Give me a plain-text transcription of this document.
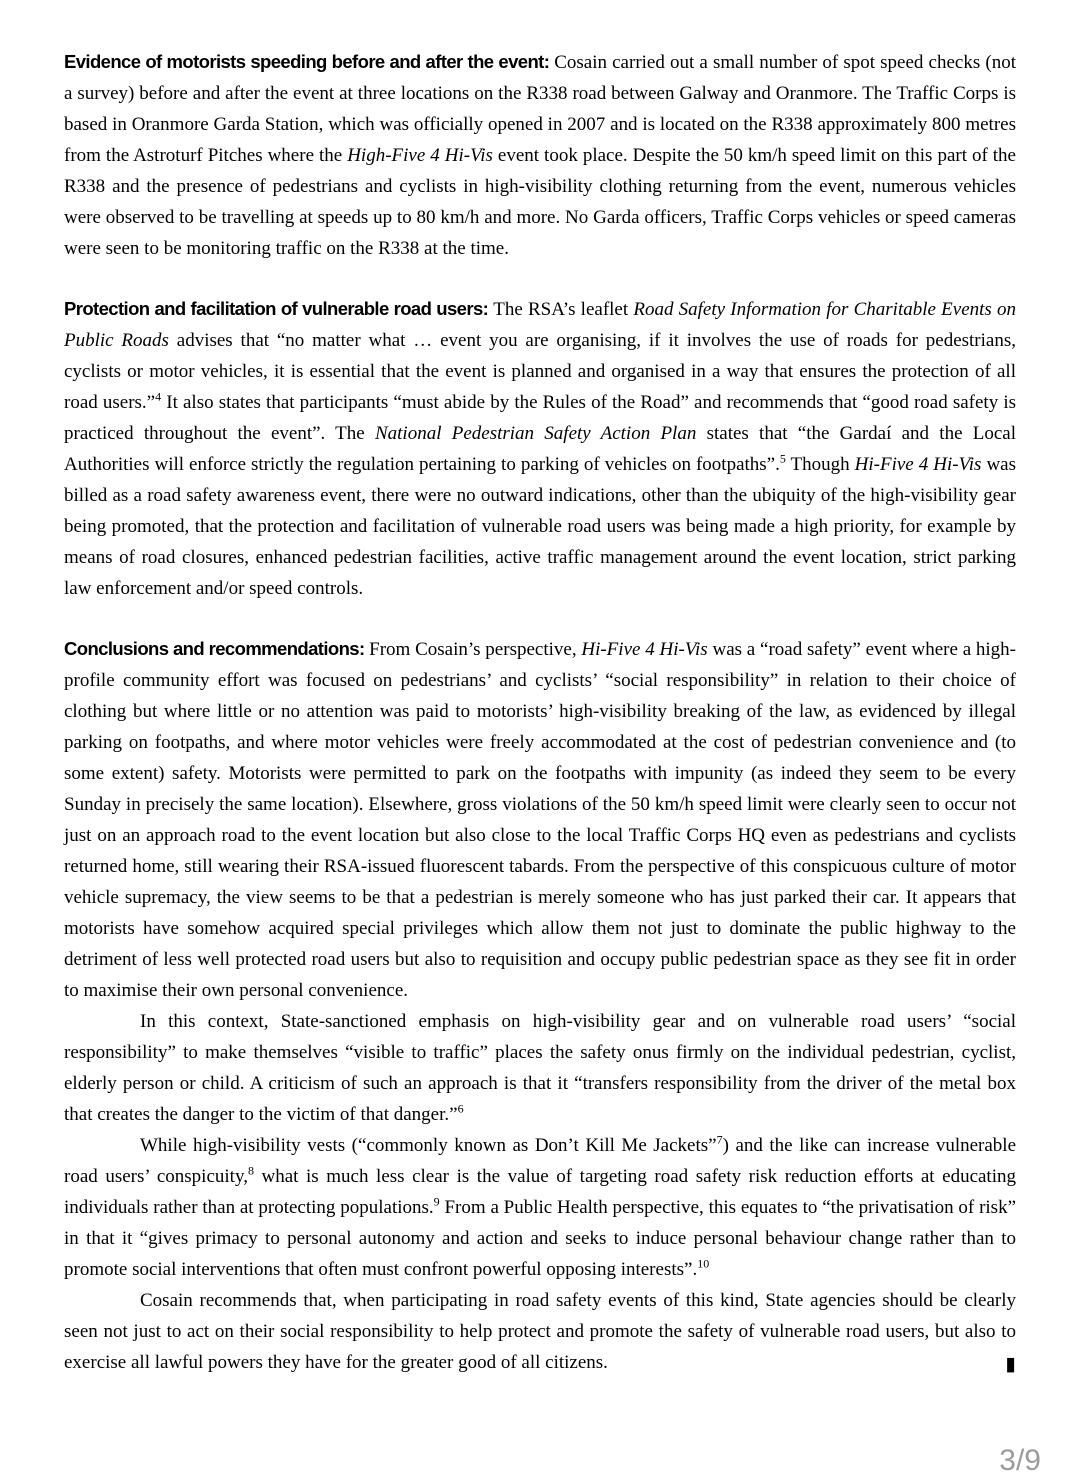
Evidence of motorists speeding before and after the event: Cosain carried out a small number of spot speed checks (not a survey) before and after the event at three locations on the R338 road between Galway and Oranmore. The Traffic Corps is based in Oranmore Garda Station, which was officially opened in 2007 and is located on the R338 approximately 800 metres from the Astroturf Pitches where the High-Five 4 Hi-Vis event took place. Despite the 50 km/h speed limit on this part of the R338 and the presence of pedestrians and cyclists in high-visibility clothing returning from the event, numerous vehicles were observed to be travelling at speeds up to 80 km/h and more. No Garda officers, Traffic Corps vehicles or speed cameras were seen to be monitoring traffic on the R338 at the time.

Protection and facilitation of vulnerable road users: The RSA’s leaflet Road Safety Information for Charitable Events on Public Roads advises that “no matter what … event you are organising, if it involves the use of roads for pedestrians, cyclists or motor vehicles, it is essential that the event is planned and organised in a way that ensures the protection of all road users.”$^4$ It also states that participants “must abide by the Rules of the Road” and recommends that “good road safety is practiced throughout the event”. The National Pedestrian Safety Action Plan states that “the Gardaí and the Local Authorities will enforce strictly the regulation pertaining to parking of vehicles on footpaths”.$^5$ Though Hi-Five 4 Hi-Vis was billed as a road safety awareness event, there were no outward indications, other than the ubiquity of the high-visibility gear being promoted, that the protection and facilitation of vulnerable road users was being made a high priority, for example by means of road closures, enhanced pedestrian facilities, active traffic management around the event location, strict parking law enforcement and/or speed controls.

Conclusions and recommendations: From Cosain’s perspective, Hi-Five 4 Hi-Vis was a “road safety” event where a high-profile community effort was focused on pedestrians’ and cyclists’ “social responsibility” in relation to their choice of clothing but where little or no attention was paid to motorists’ high-visibility breaking of the law, as evidenced by illegal parking on footpaths, and where motor vehicles were freely accommodated at the cost of pedestrian convenience and (to some extent) safety. Motorists were permitted to park on the footpaths with impunity (as indeed they seem to be every Sunday in precisely the same location). Elsewhere, gross violations of the 50 km/h speed limit were clearly seen to occur not just on an approach road to the event location but also close to the local Traffic Corps HQ even as pedestrians and cyclists returned home, still wearing their RSA-issued fluorescent tabards. From the perspective of this conspicuous culture of motor vehicle supremacy, the view seems to be that a pedestrian is merely someone who has just parked their car. It appears that motorists have somehow acquired special privileges which allow them not just to dominate the public highway to the detriment of less well protected road users but also to requisition and occupy public pedestrian space as they see fit in order to maximise their own personal convenience.

In this context, State-sanctioned emphasis on high-visibility gear and on vulnerable road users’ “social responsibility” to make themselves “visible to traffic” places the safety onus firmly on the individual pedestrian, cyclist, elderly person or child. A criticism of such an approach is that it “transfers responsibility from the driver of the metal box that creates the danger to the victim of that danger.”$^6$

While high-visibility vests (“commonly known as Don’t Kill Me Jackets”$^7$) and the like can increase vulnerable road users’ conspicuity,$^8$ what is much less clear is the value of targeting road safety risk reduction efforts at educating individuals rather than at protecting populations.$^9$ From a Public Health perspective, this equates to “the privatisation of risk” in that it “gives primacy to personal autonomy and action and seeks to induce personal behaviour change rather than to promote social interventions that often must confront powerful opposing interests”.$^{10}$

Cosain recommends that, when participating in road safety events of this kind, State agencies should be clearly seen not just to act on their social responsibility to help protect and promote the safety of vulnerable road users, but also to exercise all lawful powers they have for the greater good of all citizens.	▮

3/9
